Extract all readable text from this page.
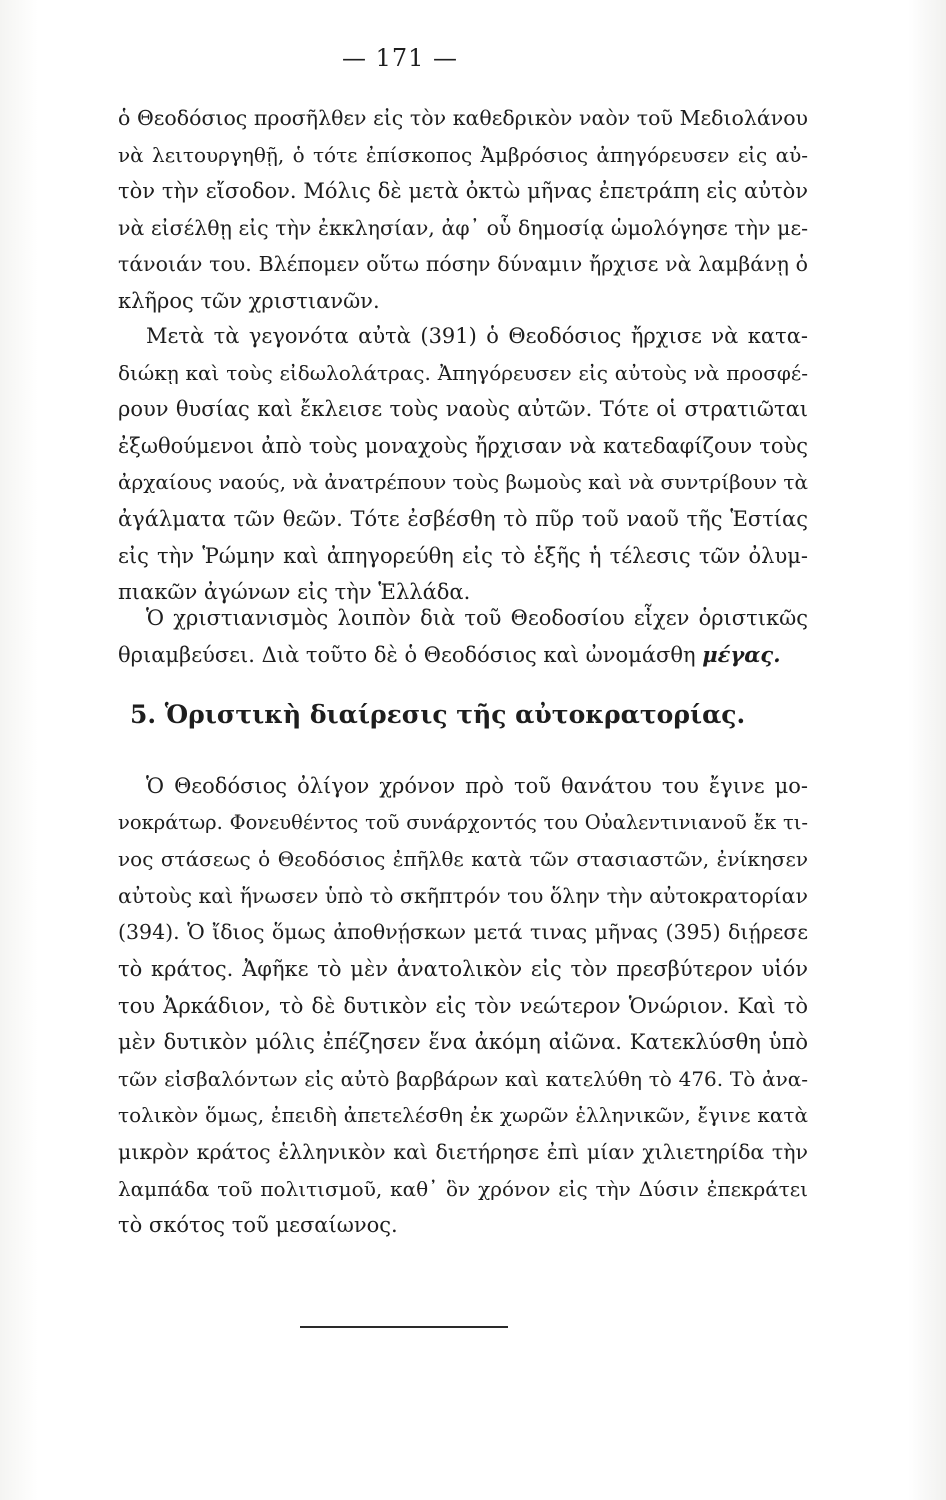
— 171 —
ὁ Θεοδόσιος προσῆλθεν εἰς τὸν καθεδρικὸν ναὸν τοῦ Μεδιολάνου
νὰ λειτουργηθῇ, ὁ τότε ἐπίσκοπος Ἀμβρόσιος ἀπηγόρευσεν εἰς αὐ-
τὸν τὴν εἴσοδον. Μόλις δὲ μετὰ ὀκτὼ μῆνας ἐπετράπη εἰς αὐτὸν
νὰ εἰσέλθῃ εἰς τὴν ἐκκλησίαν, ἀφ᾿ οὗ δημοσίᾳ ὡμολόγησε τὴν με-
τάνοιάν του. Βλέπομεν οὕτω πόσην δύναμιν ἤρχισε νὰ λαμβάνῃ ὁ
κλῆρος τῶν χριστιανῶν.
Μετὰ τὰ γεγονότα αὐτὰ (391) ὁ Θεοδόσιος ἤρχισε νὰ κατα-
διώκῃ καὶ τοὺς εἰδωλολάτρας. Ἀπηγόρευσεν εἰς αὐτοὺς νὰ προσφέ-
ρουν θυσίας καὶ ἔκλεισε τοὺς ναοὺς αὐτῶν. Τότε οἱ στρατιῶται
ἐξωθούμενοι ἀπὸ τοὺς μοναχοὺς ἤρχισαν νὰ κατεδαφίζουν τοὺς
ἀρχαίους ναούς, νὰ ἀνατρέπουν τοὺς βωμοὺς καὶ νὰ συντρίβουν τὰ
ἀγάλματα τῶν θεῶν. Τότε ἐσβέσθη τὸ πῦρ τοῦ ναοῦ τῆς Ἑστίας
εἰς τὴν Ῥώμην καὶ ἀπηγορεύθη εἰς τὸ ἑξῆς ἡ τέλεσις τῶν ὀλυμ-
πιακῶν ἀγώνων εἰς τὴν Ἑλλάδα.
Ὁ χριστιανισμὸς λοιπὸν διὰ τοῦ Θεοδοσίου εἶχεν ὁριστικῶς
θριαμβεύσει. Διὰ τοῦτο δὲ ὁ Θεοδόσιος καὶ ὠνομάσθη μέγας.
5. Ὁριστικὴ διαίρεσις τῆς αὐτοκρατορίας.
Ὁ Θεοδόσιος ὀλίγον χρόνον πρὸ τοῦ θανάτου του ἔγινε μο-
νοκράτωρ. Φονευθέντος τοῦ συνάρχοντός του Οὐαλεντινιανοῦ ἔκ τι-
νος στάσεως ὁ Θεοδόσιος ἐπῆλθε κατὰ τῶν στασιαστῶν, ἐνίκησεν
αὐτοὺς καὶ ἥνωσεν ὑπὸ τὸ σκῆπτρόν του ὅλην τὴν αὐτοκρατορίαν
(394). Ὁ ἴδιος ὅμως ἀποθνῄσκων μετά τινας μῆνας (395) διῄρεσε
τὸ κράτος. Ἀφῆκε τὸ μὲν ἀνατολικὸν εἰς τὸν πρεσβύτερον υἱόν
του Ἀρκάδιον, τὸ δὲ δυτικὸν εἰς τὸν νεώτερον Ὁνώριον. Καὶ τὸ
μὲν δυτικὸν μόλις ἐπέζησεν ἕνα ἀκόμη αἰῶνα. Κατεκλύσθη ὑπὸ
τῶν εἰσβαλόντων εἰς αὐτὸ βαρβάρων καὶ κατελύθη τὸ 476. Τὸ ἀνα-
τολικὸν ὅμως, ἐπειδὴ ἀπετελέσθη ἐκ χωρῶν ἑλληνικῶν, ἔγινε κατὰ
μικρὸν κράτος ἑλληνικὸν καὶ διετήρησε ἐπὶ μίαν χιλιετηρίδα τὴν
λαμπάδα τοῦ πολιτισμοῦ, καθ᾿ ὃν χρόνον εἰς τὴν Δύσιν ἐπεκράτει
τὸ σκότος τοῦ μεσαίωνος.
